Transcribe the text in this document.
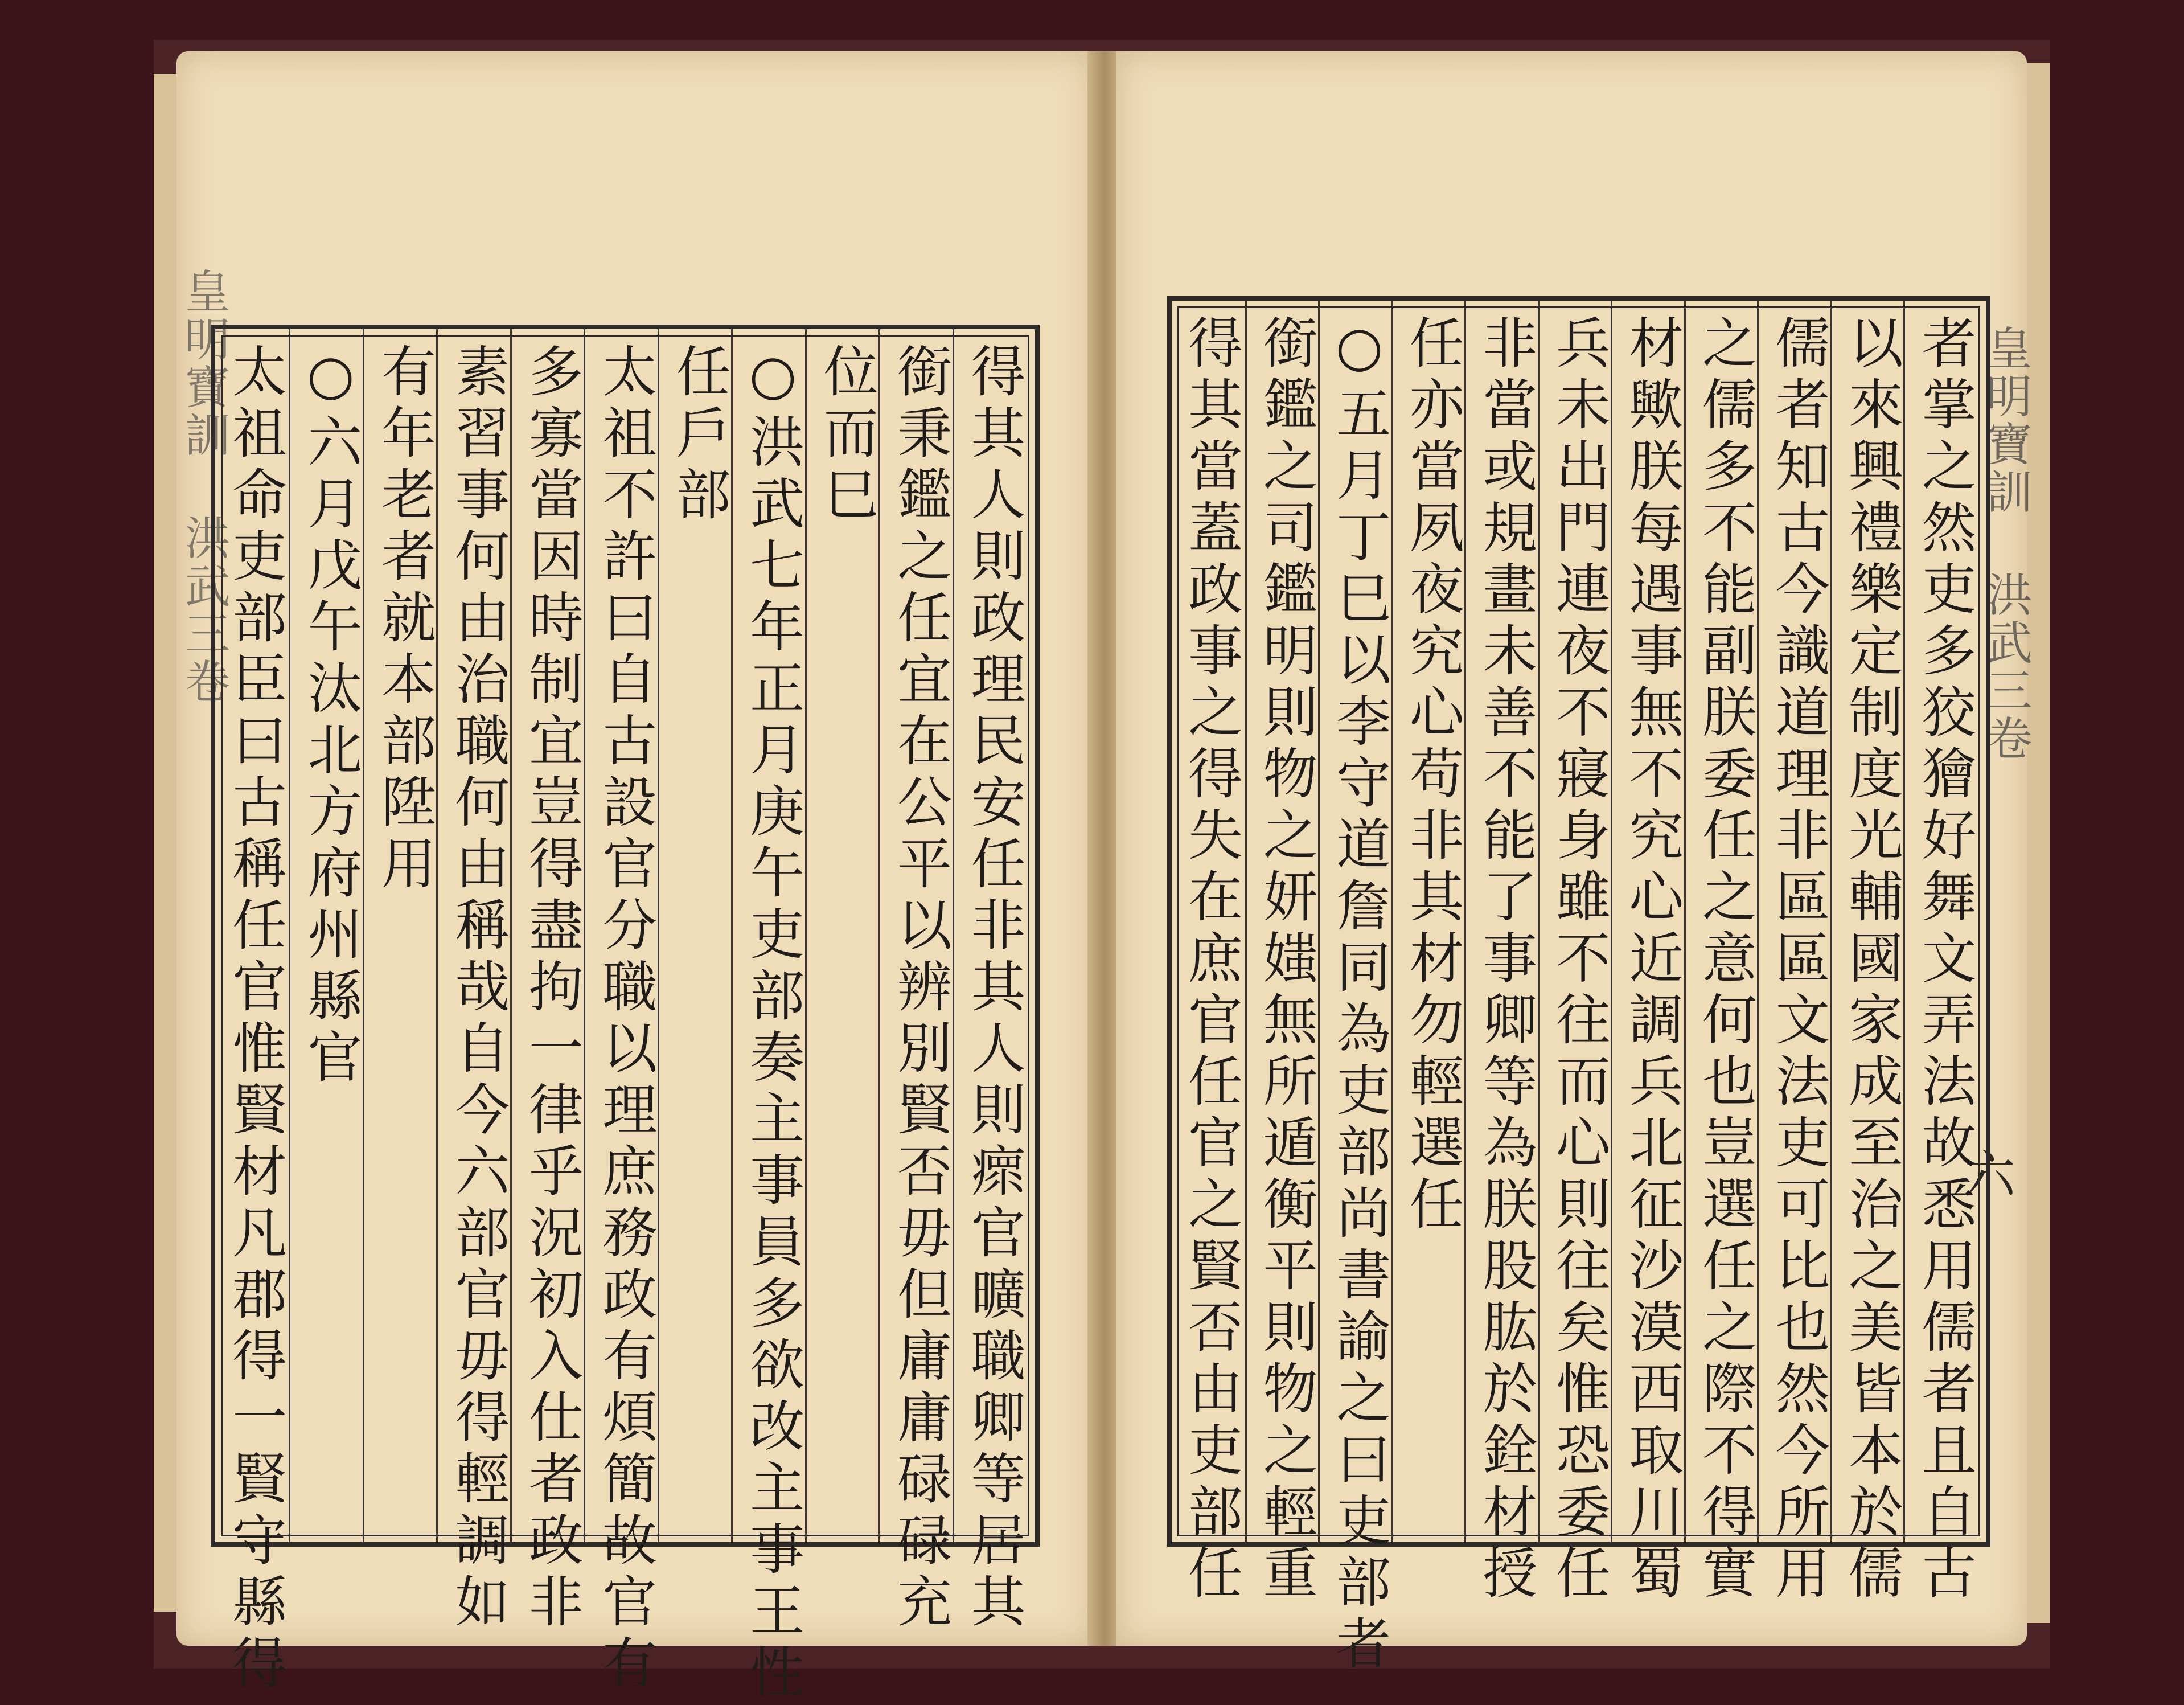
皇明寶訓 洪武三卷	得其人則政理民安任非其人則瘝官曠職卿等居其
銜秉鑑之任宜在公平以辨別賢否毋但庸庸碌碌充
位而巳
○洪武七年正月庚午吏部奏主事員多欲改主事王性
任戶部
太祖不許曰自古設官分職以理庶務政有煩簡故官有
多寡當因時制宜豈得盡拘一律乎況初入仕者政非
素習事何由治職何由稱哉自今六部官毋得輕調如
有年老者就本部陞用
○六月戊午汰北方府州縣官
太祖命吏部臣曰古稱任官惟賢材凡郡得一賢守縣得	皇明寶訓 洪武三卷
六
者掌之然吏多狡獪好舞文弄法故悉用儒者且自古
以來興禮樂定制度光輔國家成至治之美皆本於儒
儒者知古今識道理非區區文法吏可比也然今所用
之儒多不能副朕委任之意何也豈選任之際不得實
材歟朕每遇事無不究心近調兵北征沙漠西取川蜀
兵未出門連夜不寢身雖不往而心則往矣惟恐委任
非當或規畫未善不能了事卿等為朕股肱於銓材授
任亦當夙夜究心苟非其材勿輕選任
○五月丁巳以李守道詹同為吏部尚書諭之曰吏部者
銜鑑之司鑑明則物之妍媸無所遁衡平則物之輕重
得其當蓋政事之得失在庶官任官之賢否由吏部任
